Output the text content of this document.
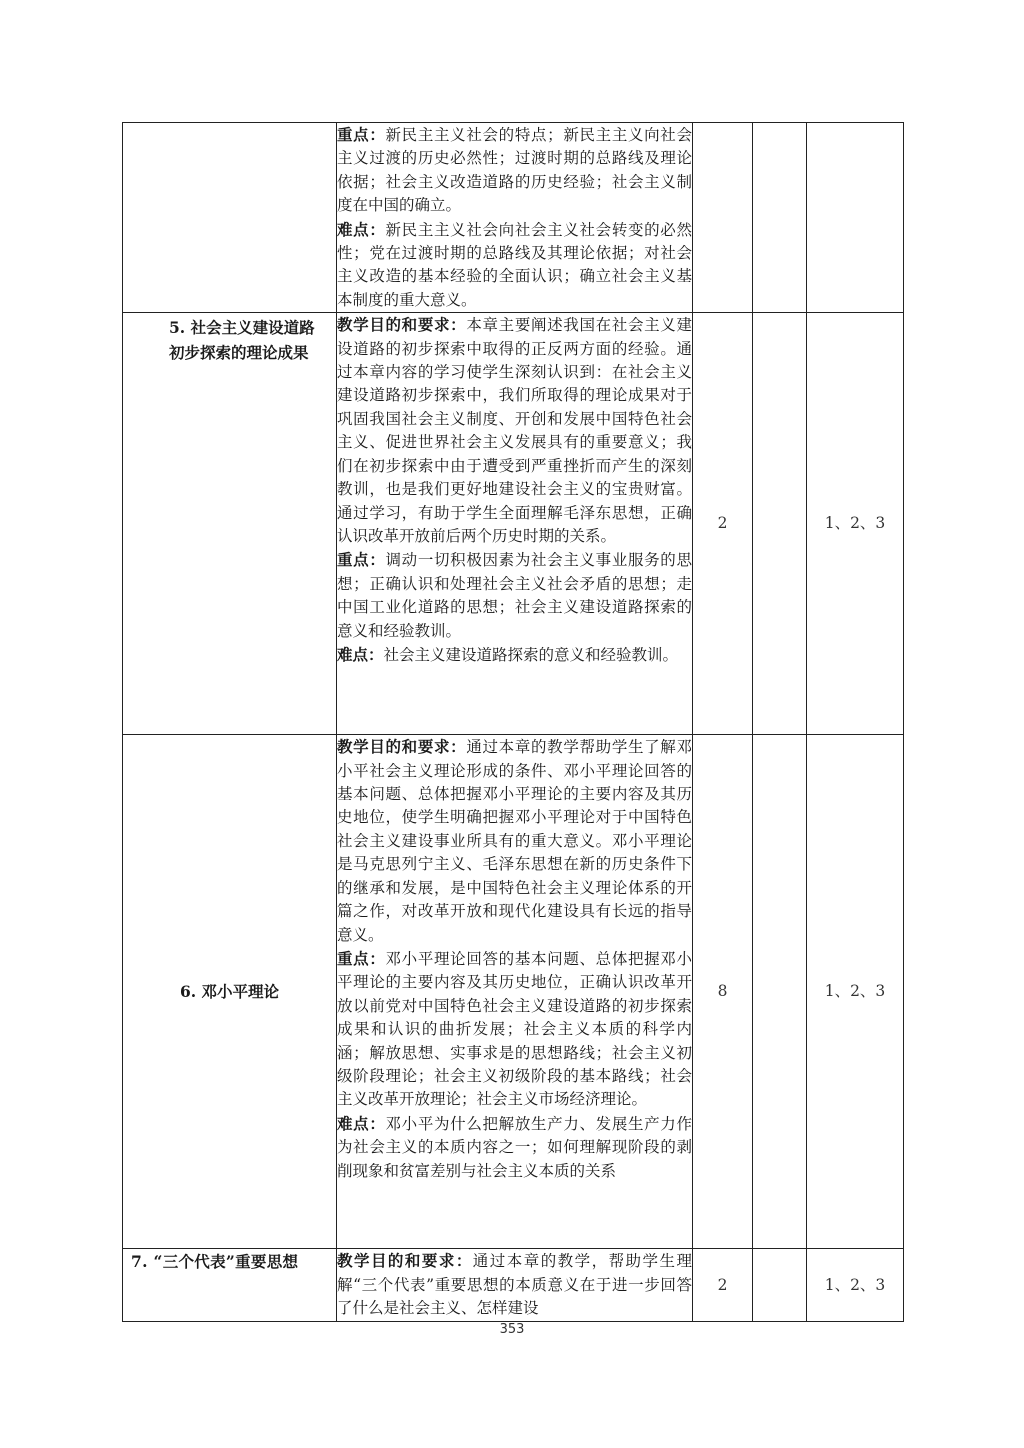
	重点：新民主主义社会的特点；新民主主义向社会主义过渡的历史必然性；过渡时期的总路线及理论依据；社会主义改造道路的历史经验；社会主义制度在中国的确立。

难点：新民主主义社会向社会主义社会转变的必然性；党在过渡时期的总路线及其理论依据；对社会主义改造的基本经验的全面认识；确立社会主义基本制度的重大意义。			

5. 社会主义建设道路初步探索的理论成果	教学目的和要求：本章主要阐述我国在社会主义建设道路的初步探索中取得的正反两方面的经验。通过本章内容的学习使学生深刻认识到：在社会主义建设道路初步探索中，我们所取得的理论成果对于巩固我国社会主义制度、开创和发展中国特色社会主义、促进世界社会主义发展具有的重要意义；我们在初步探索中由于遭受到严重挫折而产生的深刻教训，也是我们更好地建设社会主义的宝贵财富。通过学习，有助于学生全面理解毛泽东思想，正确认识改革开放前后两个历史时期的关系。

重点：调动一切积极因素为社会主义事业服务的思想；正确认识和处理社会主义社会矛盾的思想；走中国工业化道路的思想；社会主义建设道路探索的意义和经验教训。

难点：社会主义建设道路探索的意义和经验教训。	2		1、2、3
6. 邓小平理论	教学目的和要求：通过本章的教学帮助学生了解邓小平社会主义理论形成的条件、邓小平理论回答的基本问题、总体把握邓小平理论的主要内容及其历史地位，使学生明确把握邓小平理论对于中国特色社会主义建设事业所具有的重大意义。邓小平理论是马克思列宁主义、毛泽东思想在新的历史条件下的继承和发展，是中国特色社会主义理论体系的开篇之作，对改革开放和现代化建设具有长远的指导意义。

重点：邓小平理论回答的基本问题、总体把握邓小平理论的主要内容及其历史地位，正确认识改革开放以前党对中国特色社会主义建设道路的初步探索成果和认识的曲折发展；社会主义本质的科学内涵；解放思想、实事求是的思想路线；社会主义初级阶段理论；社会主义初级阶段的基本路线；社会主义改革开放理论；社会主义市场经济理论。

难点：邓小平为什么把解放生产力、发展生产力作为社会主义的本质内容之一；如何理解现阶段的剥削现象和贫富差别与社会主义本质的关系	8		1、2、3
7. “三个代表”重要思想	教学目的和要求：通过本章的教学，帮助学生理解“三个代表”重要思想的本质意义在于进一步回答了什么是社会主义、怎样建设	2		1、2、3
353
